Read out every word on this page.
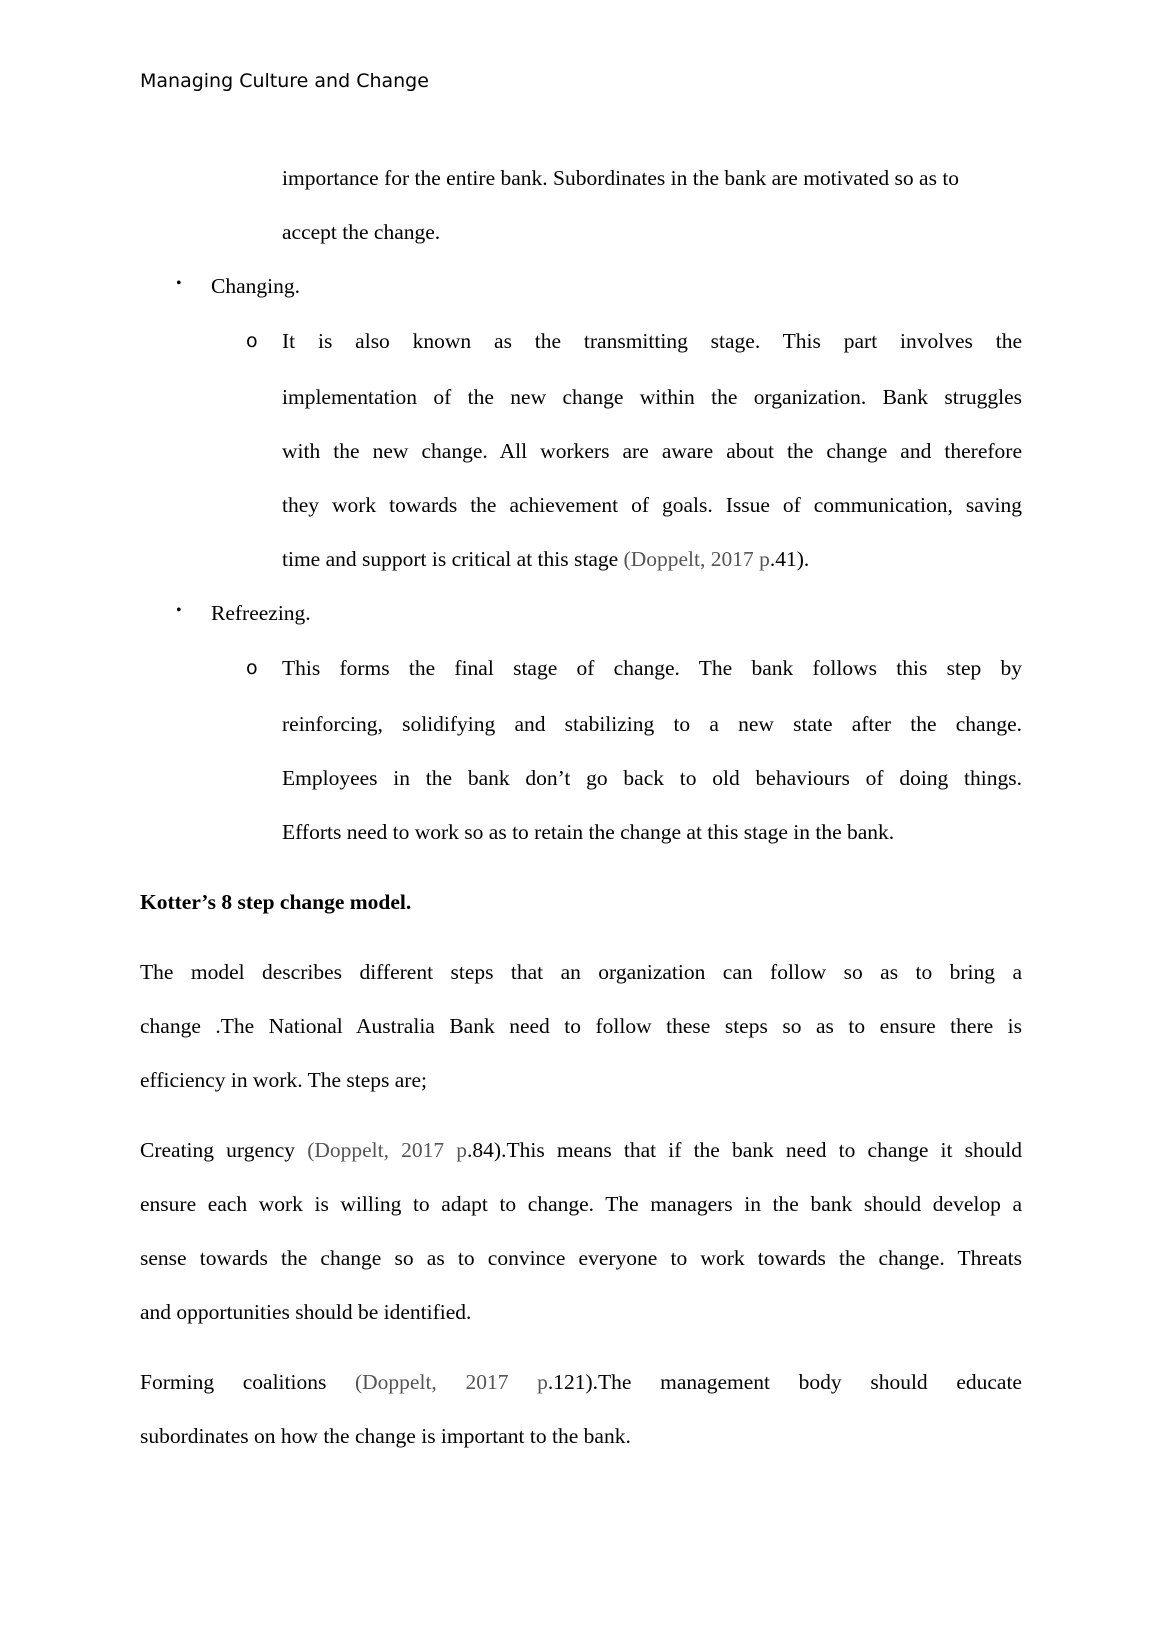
Managing Culture and Change
importance for the entire bank. Subordinates in the bank are motivated so as to
accept the change.
• Changing.
o It is also known as the transmitting stage. This part involves the
implementation of the new change within the organization. Bank struggles
with the new change. All workers are aware about the change and therefore
they work towards the achievement of goals. Issue of communication, saving
time and support is critical at this stage (Doppelt, 2017 p.41).
• Refreezing.
o This forms the final stage of change. The bank follows this step by
reinforcing, solidifying and stabilizing to a new state after the change.
Employees in the bank don’t go back to old behaviours of doing things.
Efforts need to work so as to retain the change at this stage in the bank.
Kotter’s 8 step change model.
The model describes different steps that an organization can follow so as to bring a
change .The National Australia Bank need to follow these steps so as to ensure there is
efficiency in work. The steps are;
Creating urgency (Doppelt, 2017 p.84).This means that if the bank need to change it should
ensure each work is willing to adapt to change. The managers in the bank should develop a
sense towards the change so as to convince everyone to work towards the change. Threats
and opportunities should be identified.
Forming coalitions (Doppelt, 2017 p.121).The management body should educate
subordinates on how the change is important to the bank.
